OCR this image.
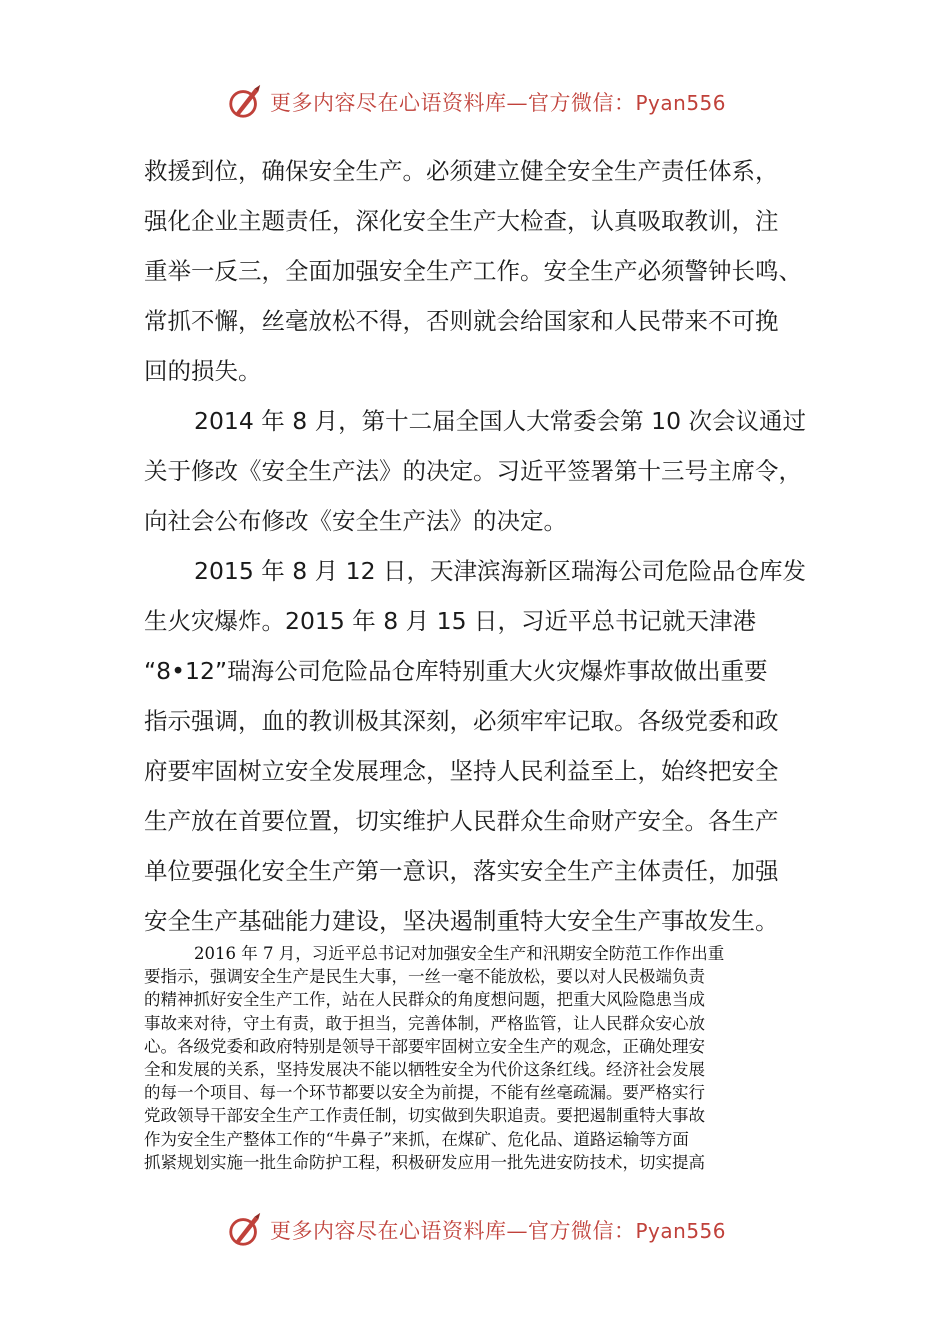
更多内容尽在心语资料库—官方微信：Pyan556
救援到位，确保安全生产。必须建立健全安全生产责任体系，
强化企业主题责任，深化安全生产大检查，认真吸取教训，注
重举一反三，全面加强安全生产工作。安全生产必须警钟长鸣、
常抓不懈，丝毫放松不得，否则就会给国家和人民带来不可挽
回的损失。
2014 年 8 月，第十二届全国人大常委会第 10 次会议通过
关于修改《安全生产法》的决定。习近平签署第十三号主席令，
向社会公布修改《安全生产法》的决定。
2015 年 8 月 12 日，天津滨海新区瑞海公司危险品仓库发
生火灾爆炸。2015 年 8 月 15 日，习近平总书记就天津港
“8•12”瑞海公司危险品仓库特别重大火灾爆炸事故做出重要
指示强调，血的教训极其深刻，必须牢牢记取。各级党委和政
府要牢固树立安全发展理念，坚持人民利益至上，始终把安全
生产放在首要位置，切实维护人民群众生命财产安全。各生产
单位要强化安全生产第一意识，落实安全生产主体责任，加强
安全生产基础能力建设，坚决遏制重特大安全生产事故发生。
2016 年 7 月，习近平总书记对加强安全生产和汛期安全防范工作作出重
要指示，强调安全生产是民生大事，一丝一毫不能放松，要以对人民极端负责
的精神抓好安全生产工作，站在人民群众的角度想问题，把重大风险隐患当成
事故来对待，守土有责，敢于担当，完善体制，严格监管，让人民群众安心放
心。各级党委和政府特别是领导干部要牢固树立安全生产的观念，正确处理安
全和发展的关系，坚持发展决不能以牺牲安全为代价这条红线。经济社会发展
的每一个项目、每一个环节都要以安全为前提，不能有丝毫疏漏。要严格实行
党政领导干部安全生产工作责任制，切实做到失职追责。要把遏制重特大事故
作为安全生产整体工作的“牛鼻子”来抓，在煤矿、危化品、道路运输等方面
抓紧规划实施一批生命防护工程，积极研发应用一批先进安防技术，切实提高
更多内容尽在心语资料库—官方微信：Pyan556
